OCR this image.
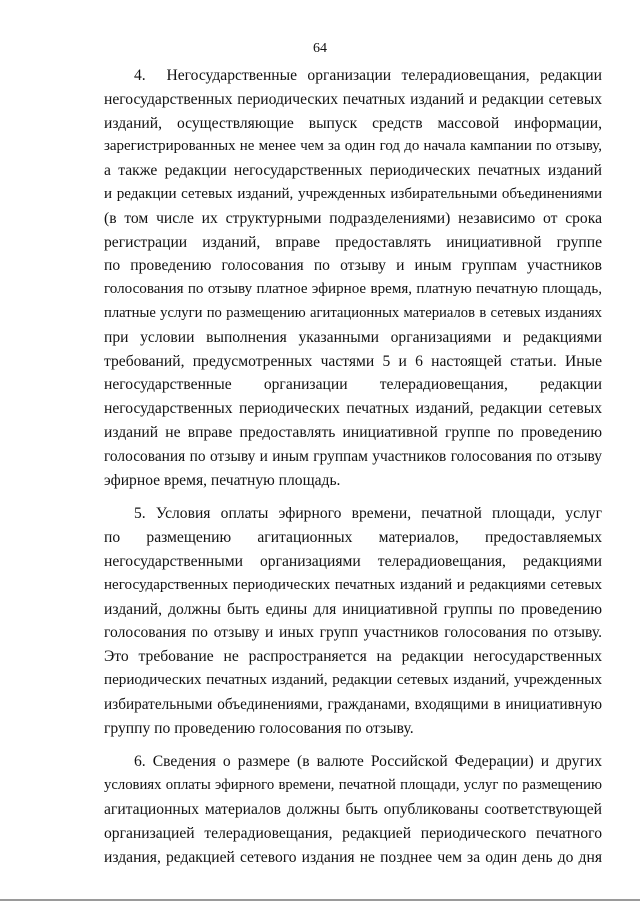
64
4.  Негосударственные организации телерадиовещания, редакции
негосударственных периодических печатных изданий и редакции сетевых
изданий, осуществляющие выпуск средств массовой информации,
зарегистрированных не менее чем за один год до начала кампании по отзыву,
а также редакции негосударственных периодических печатных изданий
и редакции сетевых изданий, учрежденных избирательными объединениями
(в том числе их структурными подразделениями) независимо от срока
регистрации изданий, вправе предоставлять инициативной группе
по проведению голосования по отзыву и иным группам участников
голосования по отзыву платное эфирное время, платную печатную площадь,
платные услуги по размещению агитационных материалов в сетевых изданиях
при условии выполнения указанными организациями и редакциями
требований, предусмотренных частями 5 и 6 настоящей статьи. Иные
негосударственные организации телерадиовещания, редакции
негосударственных периодических печатных изданий, редакции сетевых
изданий не вправе предоставлять инициативной группе по проведению
голосования по отзыву и иным группам участников голосования по отзыву
эфирное время, печатную площадь.
5. Условия оплаты эфирного времени, печатной площади, услуг
по размещению агитационных материалов, предоставляемых
негосударственными организациями телерадиовещания, редакциями
негосударственных периодических печатных изданий и редакциями сетевых
изданий, должны быть едины для инициативной группы по проведению
голосования по отзыву и иных групп участников голосования по отзыву.
Это требование не распространяется на редакции негосударственных
периодических печатных изданий, редакции сетевых изданий, учрежденных
избирательными объединениями, гражданами, входящими в инициативную
группу по проведению голосования по отзыву.
6. Сведения о размере (в валюте Российской Федерации) и других
условиях оплаты эфирного времени, печатной площади, услуг по размещению
агитационных материалов должны быть опубликованы соответствующей
организацией телерадиовещания, редакцией периодического печатного
издания, редакцией сетевого издания не позднее чем за один день до дня
